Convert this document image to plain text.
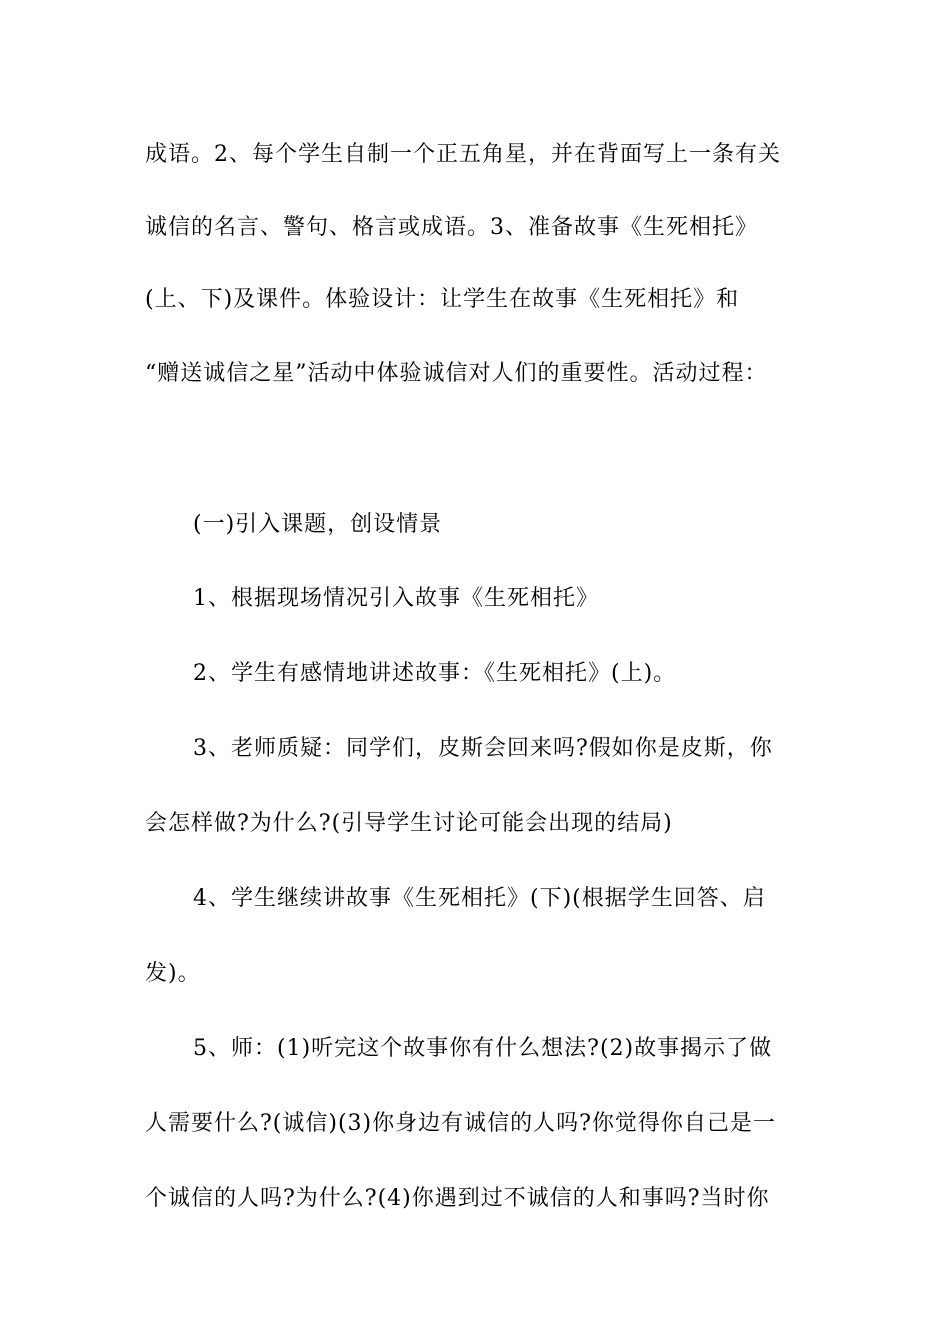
成语。2、每个学生自制一个正五角星，并在背面写上一条有关
诚信的名言、警句、格言或成语。3、准备故事《生死相托》
(上、下)及课件。体验设计：让学生在故事《生死相托》和
“赠送诚信之星”活动中体验诚信对人们的重要性。活动过程：
(一)引入课题，创设情景
1、根据现场情况引入故事《生死相托》
2、学生有感情地讲述故事：《生死相托》(上)。
3、老师质疑：同学们，皮斯会回来吗?假如你是皮斯，你
会怎样做?为什么?(引导学生讨论可能会出现的结局)
4、学生继续讲故事《生死相托》(下)(根据学生回答、启
发)。
5、师：(1)听完这个故事你有什么想法?(2)故事揭示了做
人需要什么?(诚信)(3)你身边有诚信的人吗?你觉得你自己是一
个诚信的人吗?为什么?(4)你遇到过不诚信的人和事吗?当时你
